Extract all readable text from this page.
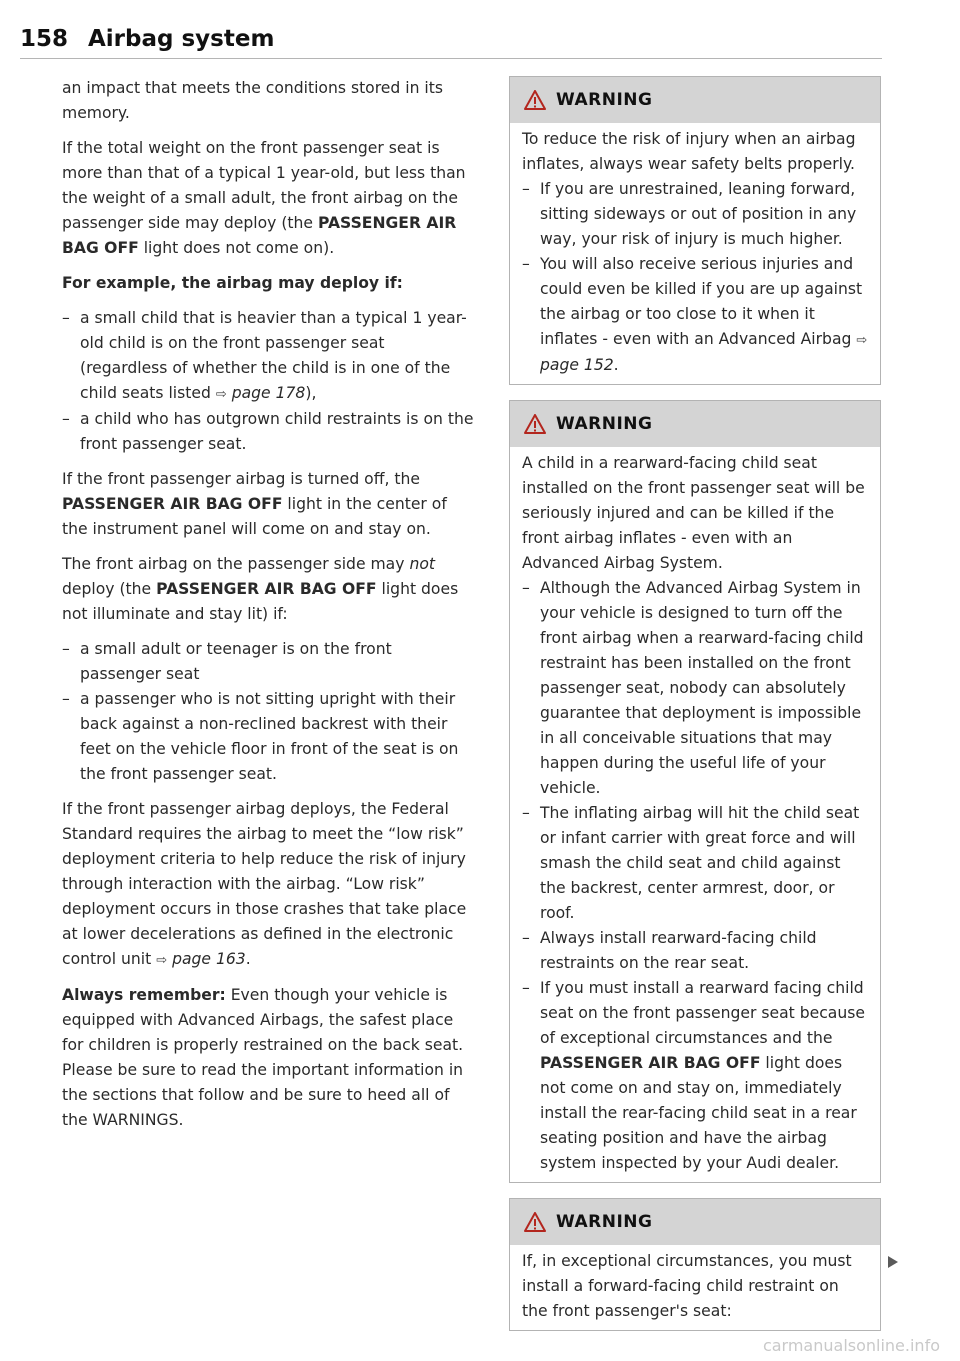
158 Airbag system

an impact that meets the conditions stored in its memory.

If the total weight on the front passenger seat is more than that of a typical 1 year-old, but less than the weight of a small adult, the front airbag on the passenger side may deploy (the PASSENGER AIR BAG OFF light does not come on).

For example, the airbag may deploy if:

– a small child that is heavier than a typical 1 year-old child is on the front passenger seat (regardless of whether the child is in one of the child seats listed ⇨ page 178),
– a child who has outgrown child restraints is on the front passenger seat.

If the front passenger airbag is turned off, the PASSENGER AIR BAG OFF light in the center of the instrument panel will come on and stay on.

The front airbag on the passenger side may not deploy (the PASSENGER AIR BAG OFF light does not illuminate and stay lit) if:

– a small adult or teenager is on the front passenger seat
– a passenger who is not sitting upright with their back against a non-reclined backrest with their feet on the vehicle floor in front of the seat is on the front passenger seat.

If the front passenger airbag deploys, the Federal Standard requires the airbag to meet the “low risk” deployment criteria to help reduce the risk of injury through interaction with the airbag. “Low risk” deployment occurs in those crashes that take place at lower decelerations as defined in the electronic control unit ⇨ page 163.

Always remember: Even though your vehicle is equipped with Advanced Airbags, the safest place for children is properly restrained on the back seat. Please be sure to read the important information in the sections that follow and be sure to heed all of the WARNINGS.

WARNING

To reduce the risk of injury when an airbag inflates, always wear safety belts properly.

– If you are unrestrained, leaning forward, sitting sideways or out of position in any way, your risk of injury is much higher.
– You will also receive serious injuries and could even be killed if you are up against the airbag or too close to it when it inflates - even with an Advanced Airbag ⇨ page 152.
WARNING

A child in a rearward-facing child seat installed on the front passenger seat will be seriously injured and can be killed if the front airbag inflates - even with an Advanced Airbag System.

– Although the Advanced Airbag System in your vehicle is designed to turn off the front airbag when a rearward-facing child restraint has been installed on the front passenger seat, nobody can absolutely guarantee that deployment is impossible in all conceivable situations that may happen during the useful life of your vehicle.
– The inflating airbag will hit the child seat or infant carrier with great force and will smash the child seat and child against the backrest, center armrest, door, or roof.
– Always install rearward-facing child restraints on the rear seat.
– If you must install a rearward facing child seat on the front passenger seat because of exceptional circumstances and the PASSENGER AIR BAG OFF light does not come on and stay on, immediately install the rear-facing child seat in a rear seating position and have the airbag system inspected by your Audi dealer.
WARNING

If, in exceptional circumstances, you must install a forward-facing child restraint on the front passenger's seat:

carmanualsonline.info
